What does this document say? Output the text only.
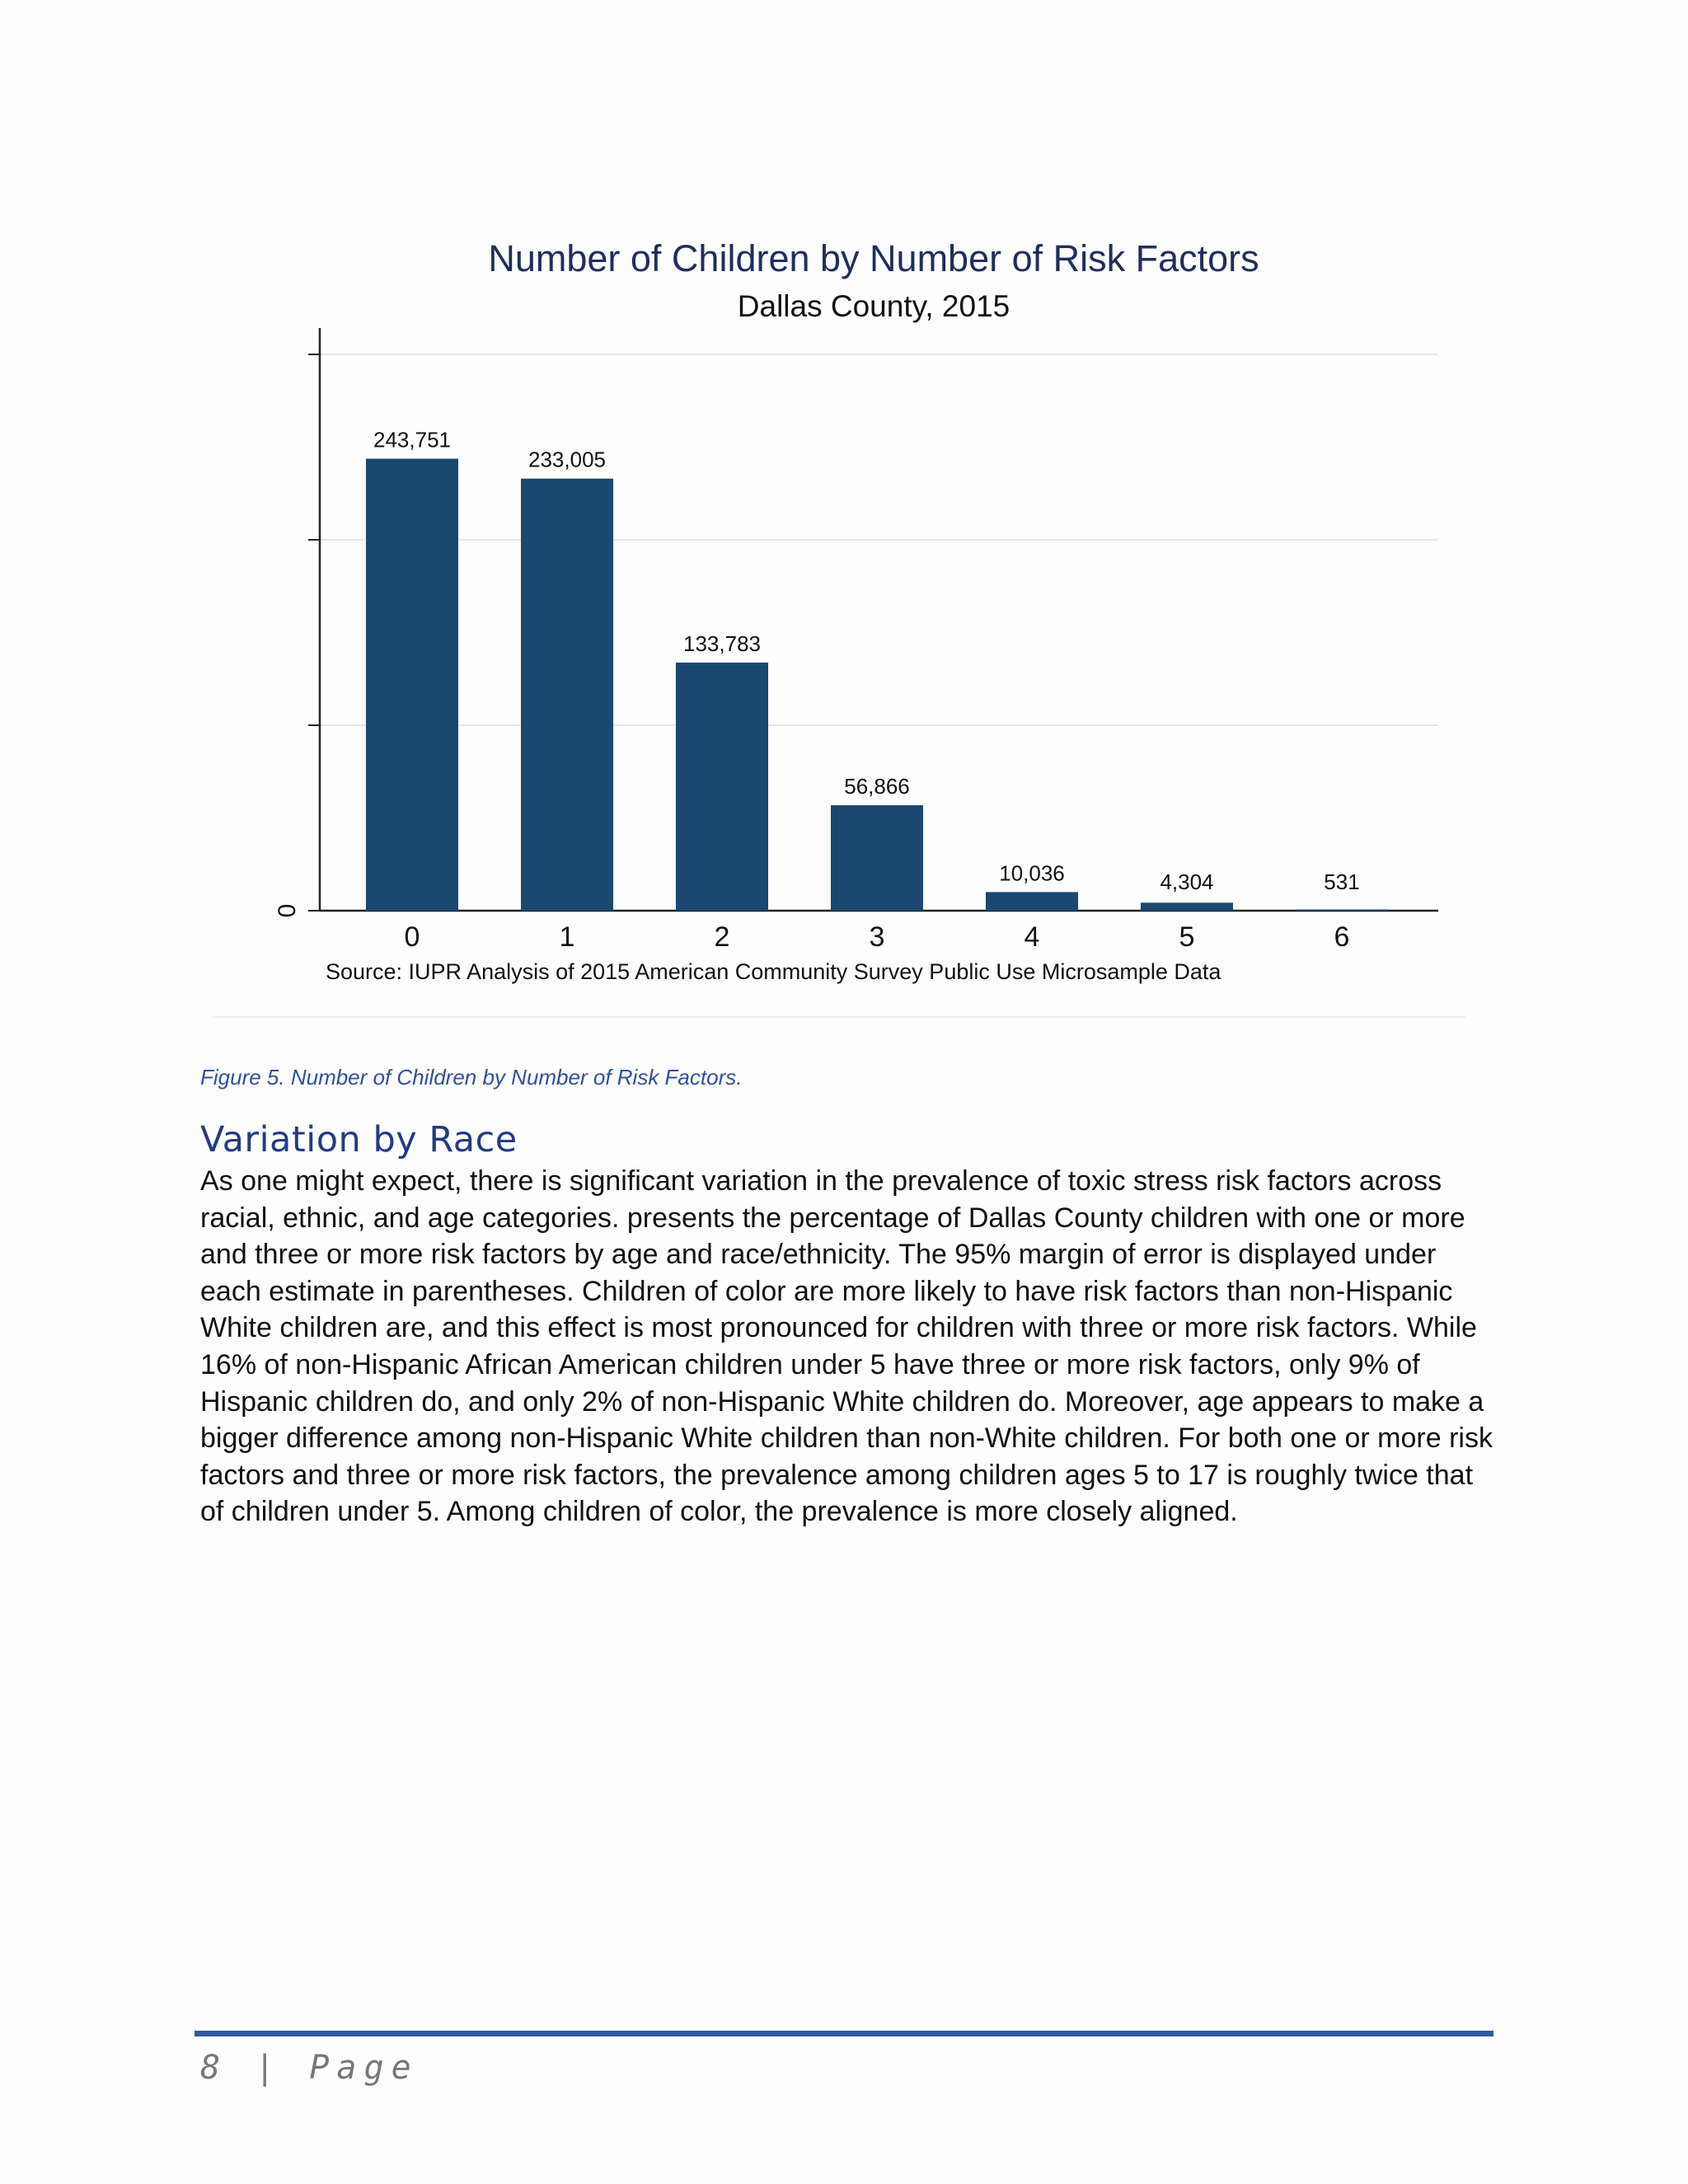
Number of Children by Number of Risk Factors
Dallas County, 2015
0
243,751
0
233,005
1
133,783
2
56,866
3
10,036
4
4,304
5
531
6
Source: IUPR Analysis of 2015 American Community Survey Public Use Microsample Data
Figure 5. Number of Children by Number of Risk Factors.
Variation by Race
As one might expect, there is significant variation in the prevalence of toxic stress risk factors across racial, ethnic, and age categories. presents the percentage of Dallas County children with one or more and three or more risk factors by age and race/ethnicity. The 95% margin of error is displayed under each estimate in parentheses. Children of color are more likely to have risk factors than non-Hispanic White children are, and this effect is most pronounced for children with three or more risk factors. While 16% of non-Hispanic African American children under 5 have three or more risk factors, only 9% of Hispanic children do, and only 2% of non-Hispanic White children do. Moreover, age appears to make a bigger difference among non-Hispanic White children than non-White children. For both one or more risk factors and three or more risk factors, the prevalence among children ages 5 to 17 is roughly twice that of children under 5. Among children of color, the prevalence is more closely aligned.
8 | Page
